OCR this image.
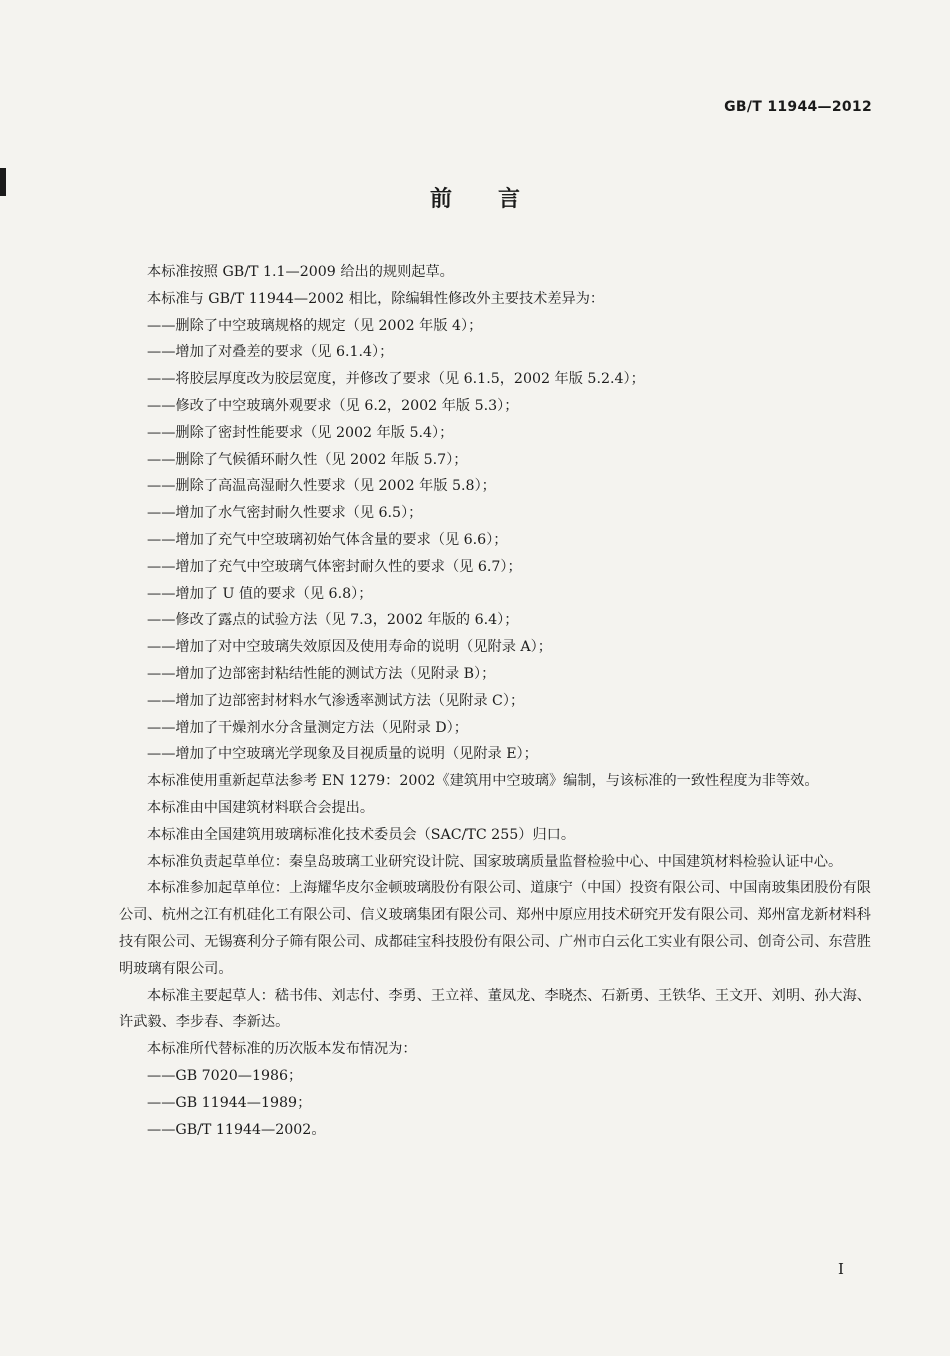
GB/T 11944—2012
前言

本标准按照 GB/T 1.1—2009 给出的规则起草。

本标准与 GB/T 11944—2002 相比，除编辑性修改外主要技术差异为：

——删除了中空玻璃规格的规定（见 2002 年版 4）；

——增加了对叠差的要求（见 6.1.4）；

——将胶层厚度改为胶层宽度，并修改了要求（见 6.1.5，2002 年版 5.2.4）；

——修改了中空玻璃外观要求（见 6.2，2002 年版 5.3）；

——删除了密封性能要求（见 2002 年版 5.4）；

——删除了气候循环耐久性（见 2002 年版 5.7）；

——删除了高温高湿耐久性要求（见 2002 年版 5.8）；

——增加了水气密封耐久性要求（见 6.5）；

——增加了充气中空玻璃初始气体含量的要求（见 6.6）；

——增加了充气中空玻璃气体密封耐久性的要求（见 6.7）；

——增加了 U 值的要求（见 6.8）；

——修改了露点的试验方法（见 7.3，2002 年版的 6.4）；

——增加了对中空玻璃失效原因及使用寿命的说明（见附录 A）；

——增加了边部密封粘结性能的测试方法（见附录 B）；

——增加了边部密封材料水气渗透率测试方法（见附录 C）；

——增加了干燥剂水分含量测定方法（见附录 D）；

——增加了中空玻璃光学现象及目视质量的说明（见附录 E）；

本标准使用重新起草法参考 EN 1279：2002《建筑用中空玻璃》编制，与该标准的一致性程度为非等效。

本标准由中国建筑材料联合会提出。

本标准由全国建筑用玻璃标准化技术委员会（SAC/TC 255）归口。

本标准负责起草单位：秦皇岛玻璃工业研究设计院、国家玻璃质量监督检验中心、中国建筑材料检验认证中心。

本标准参加起草单位：上海耀华皮尔金顿玻璃股份有限公司、道康宁（中国）投资有限公司、中国南玻集团股份有限公司、杭州之江有机硅化工有限公司、信义玻璃集团有限公司、郑州中原应用技术研究开发有限公司、郑州富龙新材料科技有限公司、无锡赛利分子筛有限公司、成都硅宝科技股份有限公司、广州市白云化工实业有限公司、创奇公司、东营胜明玻璃有限公司。

本标准主要起草人：嵇书伟、刘志付、李勇、王立祥、董凤龙、李晓杰、石新勇、王铁华、王文开、刘明、孙大海、许武毅、李步春、李新达。

本标准所代替标准的历次版本发布情况为：

——GB 7020—1986；

——GB 11944—1989；

——GB/T 11944—2002。

I
